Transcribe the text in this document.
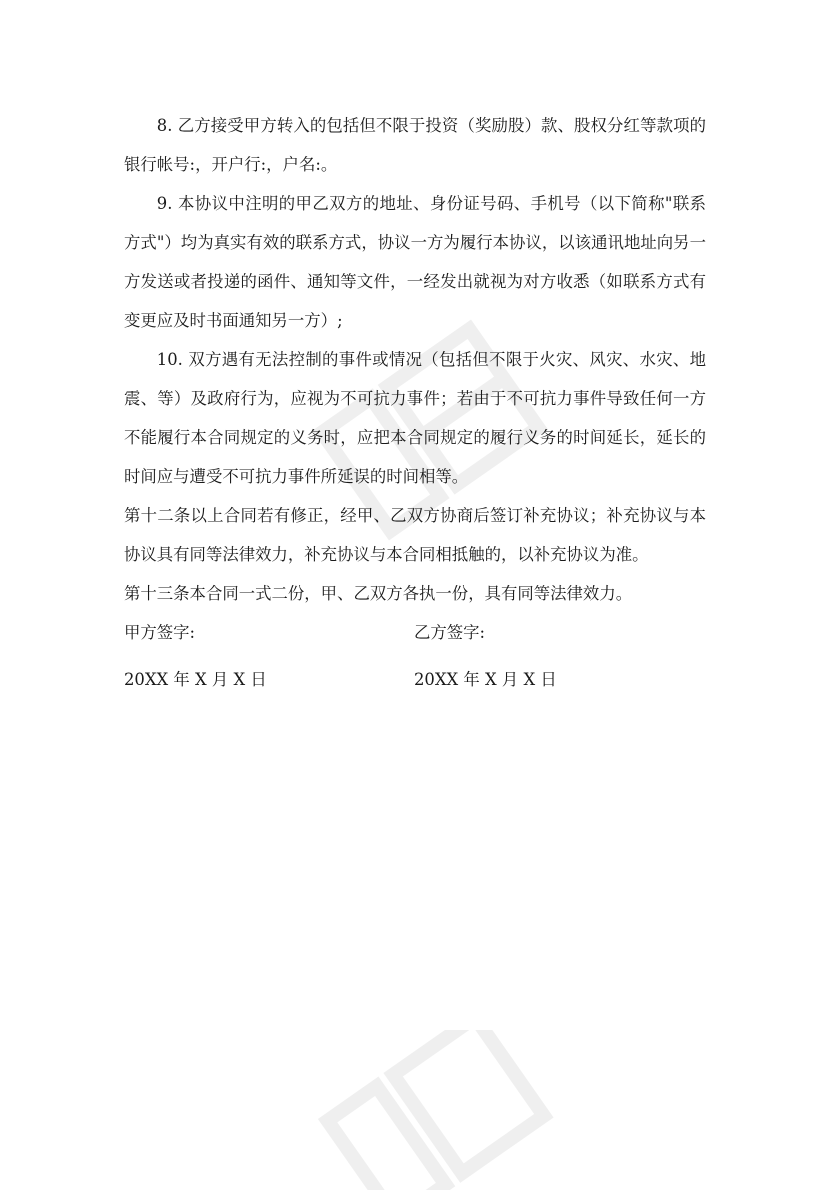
8. 乙方接受甲方转入的包括但不限于投资（奖励股）款、股权分红等款项的银行帐号:，开户行:，户名:。

9. 本协议中注明的甲乙双方的地址、身份证号码、手机号（以下简称"联系方式"）均为真实有效的联系方式，协议一方为履行本协议，以该通讯地址向另一方发送或者投递的函件、通知等文件，一经发出就视为对方收悉（如联系方式有变更应及时书面通知另一方）;

10. 双方遇有无法控制的事件或情况（包括但不限于火灾、风灾、水灾、地震、等）及政府行为，应视为不可抗力事件；若由于不可抗力事件导致任何一方不能履行本合同规定的义务时，应把本合同规定的履行义务的时间延长，延长的时间应与遭受不可抗力事件所延误的时间相等。

第十二条以上合同若有修正，经甲、乙双方协商后签订补充协议；补充协议与本协议具有同等法律效力，补充协议与本合同相抵触的，以补充协议为准。

第十三条本合同一式二份，甲、乙双方各执一份，具有同等法律效力。

甲方签字:	乙方签字:
20XX 年 X 月 X 日	20XX 年 X 月 X 日
